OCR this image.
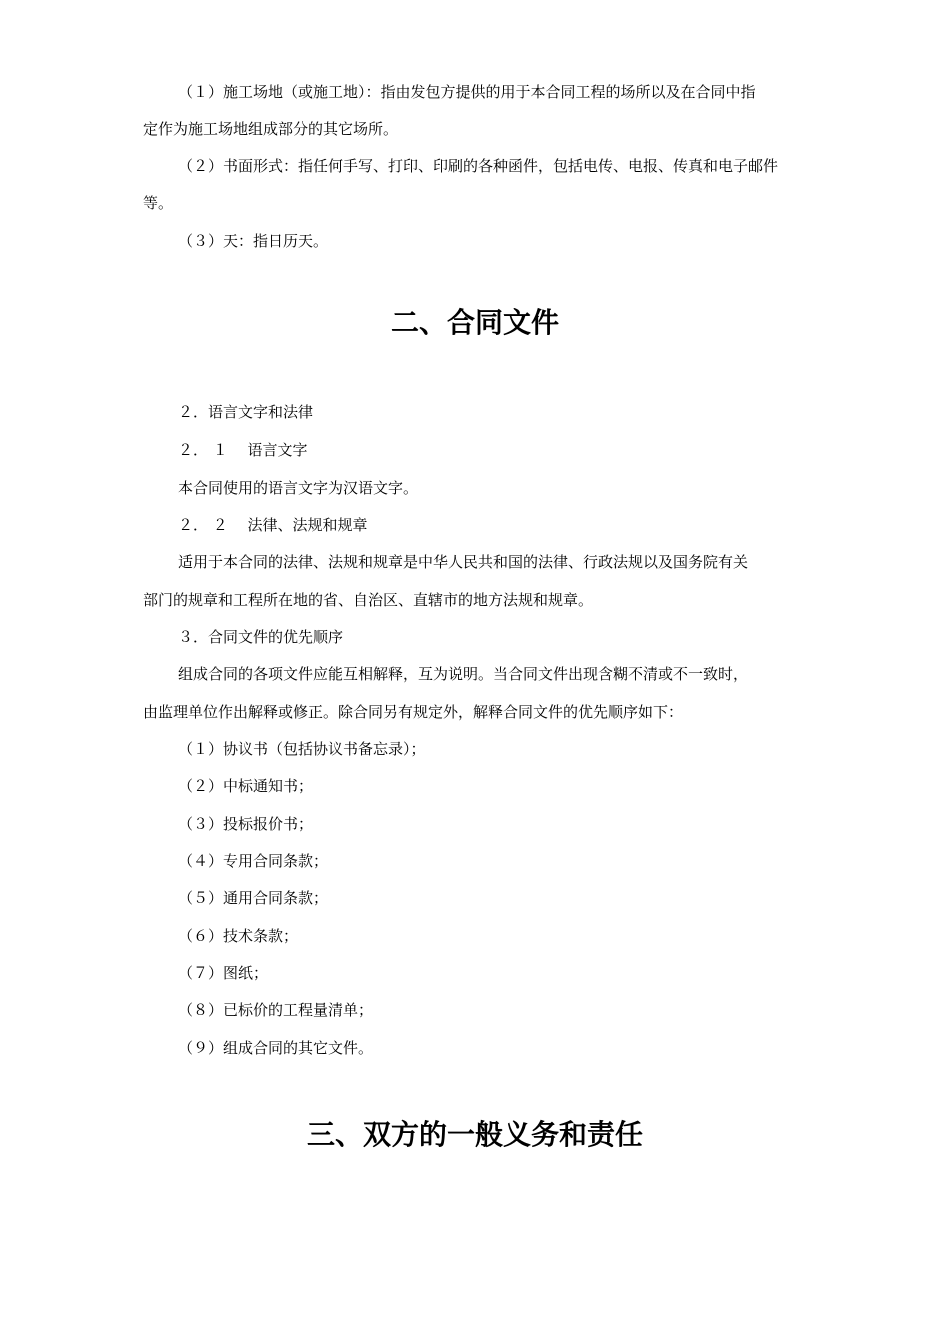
（１）施工场地（或施工地）：指由发包方提供的用于本合同工程的场所以及在合同中指

定作为施工场地组成部分的其它场所。

（２）书面形式：指任何手写、打印、印刷的各种函件，包括电传、电报、传真和电子邮件

等。

（３）天：指日历天。

二、合同文件

２．语言文字和法律

２． １　 语言文字

本合同使用的语言文字为汉语文字。

２． ２　 法律、法规和规章

适用于本合同的法律、法规和规章是中华人民共和国的法律、行政法规以及国务院有关

部门的规章和工程所在地的省、自治区、直辖市的地方法规和规章。

３．合同文件的优先顺序

组成合同的各项文件应能互相解释，互为说明。当合同文件出现含糊不清或不一致时，

由监理单位作出解释或修正。除合同另有规定外，解释合同文件的优先顺序如下：

（１）协议书（包括协议书备忘录）；

（２）中标通知书；

（３）投标报价书；

（４）专用合同条款；

（５）通用合同条款；

（６）技术条款；

（７）图纸；

（８）已标价的工程量清单；

（９）组成合同的其它文件。

三、双方的一般义务和责任
